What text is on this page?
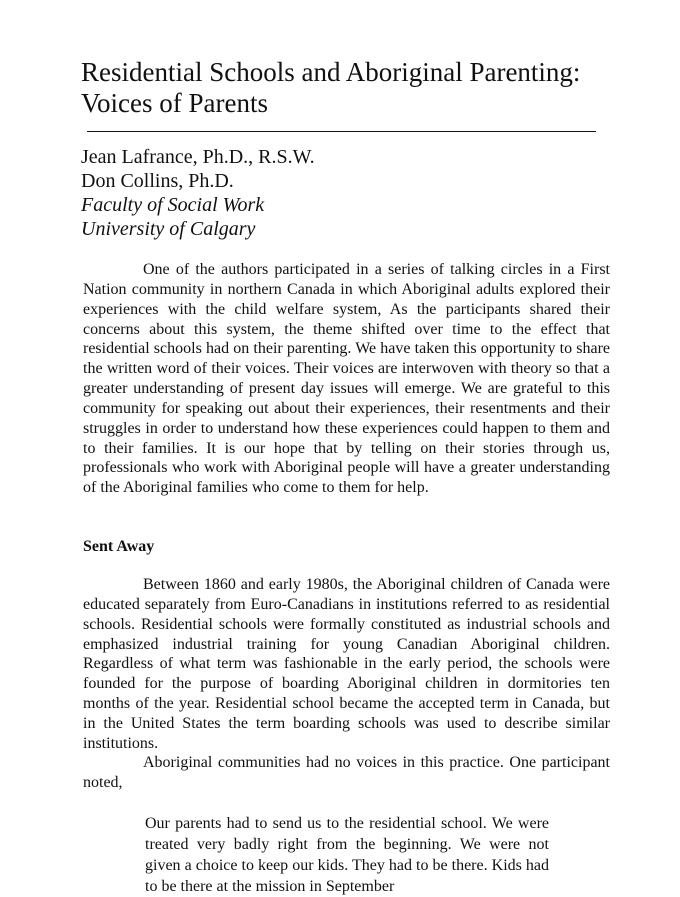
Residential Schools and Aboriginal Parenting: Voices of Parents
Jean Lafrance, Ph.D., R.S.W.
Don Collins, Ph.D.
Faculty of Social Work
University of Calgary

One of the authors participated in a series of talking circles in a First Nation community in northern Canada in which Aboriginal adults explored their experiences with the child welfare system, As the participants shared their concerns about this system, the theme shifted over time to the effect that residential schools had on their parenting. We have taken this opportunity to share the written word of their voices. Their voices are interwoven with theory so that a greater understanding of present day issues will emerge. We are grateful to this community for speaking out about their experiences, their resentments and their struggles in order to understand how these experiences could happen to them and to their families. It is our hope that by telling on their stories through us, professionals who work with Aboriginal people will have a greater understanding of the Aboriginal families who come to them for help.

Sent Away

Between 1860 and early 1980s, the Aboriginal children of Canada were educated separately from Euro-Canadians in institutions referred to as residential schools. Residential schools were formally constituted as industrial schools and emphasized industrial training for young Canadian Aboriginal children. Regardless of what term was fashionable in the early period, the schools were founded for the purpose of boarding Aboriginal children in dormitories ten months of the year. Residential school became the accepted term in Canada, but in the United States the term boarding schools was used to describe similar institutions.

Aboriginal communities had no voices in this practice. One participant noted,

Our parents had to send us to the residential school. We were treated very badly right from the beginning. We were not given a choice to keep our kids. They had to be there. Kids had to be there at the mission in September
